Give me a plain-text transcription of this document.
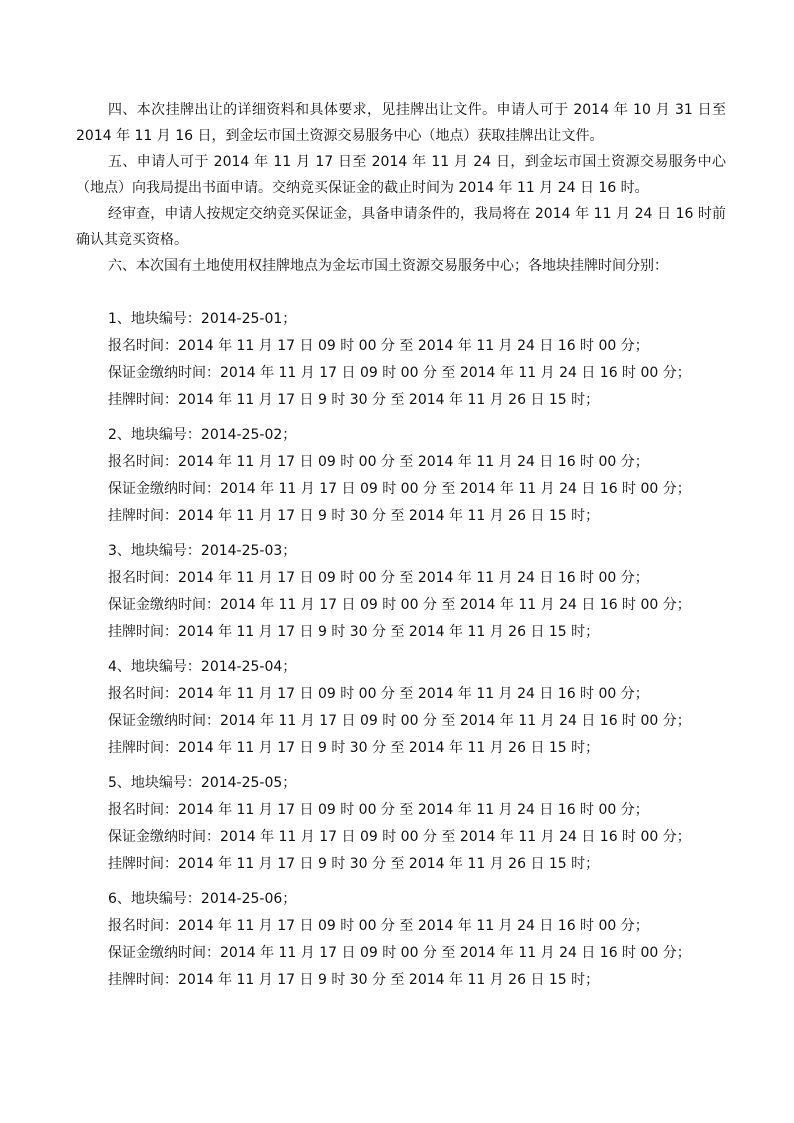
四、本次挂牌出让的详细资料和具体要求，见挂牌出让文件。申请人可于 2014 年 10 月 31 日至 2014 年 11 月 16 日，到金坛市国土资源交易服务中心（地点）获取挂牌出让文件。

五、申请人可于 2014 年 11 月 17 日至 2014 年 11 月 24 日，到金坛市国土资源交易服务中心（地点）向我局提出书面申请。交纳竞买保证金的截止时间为 2014 年 11 月 24 日 16 时。

经审查，申请人按规定交纳竞买保证金，具备申请条件的，我局将在 2014 年 11 月 24 日 16 时前确认其竞买资格。

六、本次国有土地使用权挂牌地点为金坛市国土资源交易服务中心；各地块挂牌时间分别：

1、地块编号：2014-25-01；
报名时间：2014 年 11 月 17 日 09 时 00 分 至 2014 年 11 月 24 日 16 时 00 分；
保证金缴纳时间：2014 年 11 月 17 日 09 时 00 分 至 2014 年 11 月 24 日 16 时 00 分；
挂牌时间：2014 年 11 月 17 日 9 时 30 分 至 2014 年 11 月 26 日 15 时；
2、地块编号：2014-25-02；
报名时间：2014 年 11 月 17 日 09 时 00 分 至 2014 年 11 月 24 日 16 时 00 分；
保证金缴纳时间：2014 年 11 月 17 日 09 时 00 分 至 2014 年 11 月 24 日 16 时 00 分；
挂牌时间：2014 年 11 月 17 日 9 时 30 分 至 2014 年 11 月 26 日 15 时；
3、地块编号：2014-25-03；
报名时间：2014 年 11 月 17 日 09 时 00 分 至 2014 年 11 月 24 日 16 时 00 分；
保证金缴纳时间：2014 年 11 月 17 日 09 时 00 分 至 2014 年 11 月 24 日 16 时 00 分；
挂牌时间：2014 年 11 月 17 日 9 时 30 分 至 2014 年 11 月 26 日 15 时；
4、地块编号：2014-25-04；
报名时间：2014 年 11 月 17 日 09 时 00 分 至 2014 年 11 月 24 日 16 时 00 分；
保证金缴纳时间：2014 年 11 月 17 日 09 时 00 分 至 2014 年 11 月 24 日 16 时 00 分；
挂牌时间：2014 年 11 月 17 日 9 时 30 分 至 2014 年 11 月 26 日 15 时；
5、地块编号：2014-25-05；
报名时间：2014 年 11 月 17 日 09 时 00 分 至 2014 年 11 月 24 日 16 时 00 分；
保证金缴纳时间：2014 年 11 月 17 日 09 时 00 分 至 2014 年 11 月 24 日 16 时 00 分；
挂牌时间：2014 年 11 月 17 日 9 时 30 分 至 2014 年 11 月 26 日 15 时；
6、地块编号：2014-25-06；
报名时间：2014 年 11 月 17 日 09 时 00 分 至 2014 年 11 月 24 日 16 时 00 分；
保证金缴纳时间：2014 年 11 月 17 日 09 时 00 分 至 2014 年 11 月 24 日 16 时 00 分；
挂牌时间：2014 年 11 月 17 日 9 时 30 分 至 2014 年 11 月 26 日 15 时；
